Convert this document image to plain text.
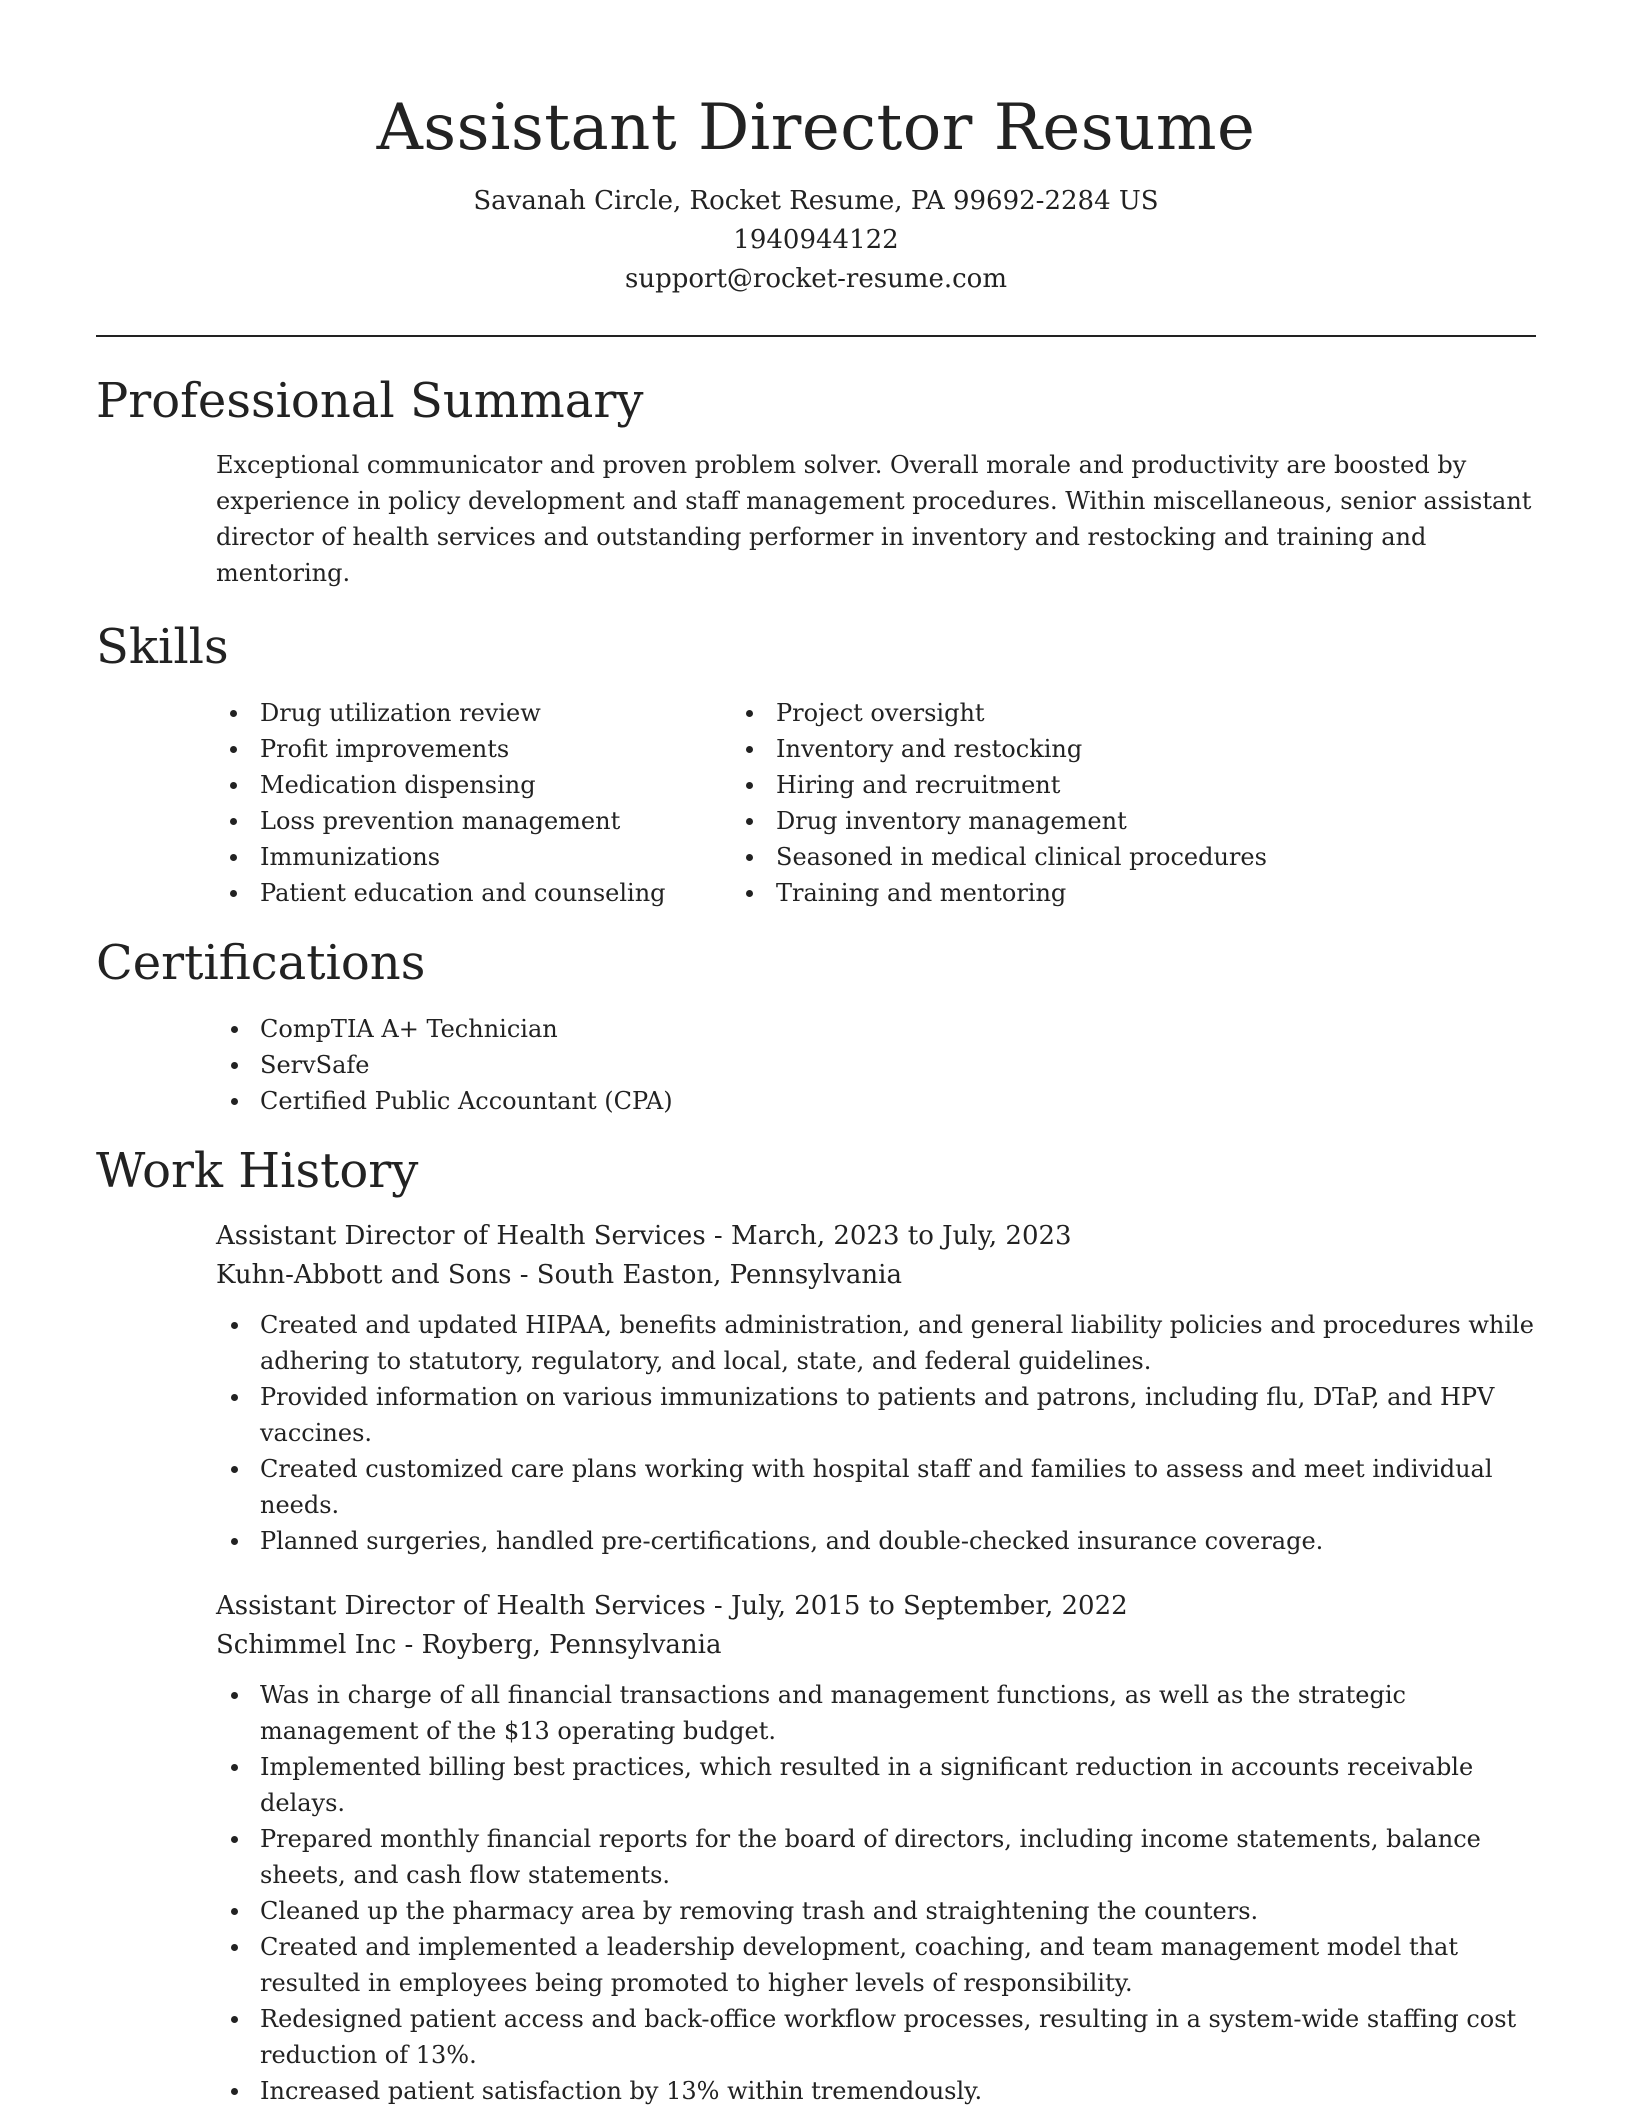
Assistant Director Resume

Savanah Circle, Rocket Resume, PA 99692-2284 US

1940944122

support@rocket-resume.com

Professional Summary

Exceptional communicator and proven problem solver. Overall morale and productivity are boosted by experience in policy development and staff management procedures. Within miscellaneous, senior assistant director of health services and outstanding performer in inventory and restocking and training and mentoring.

Skills
Drug utilization review
Profit improvements
Medication dispensing
Loss prevention management
Immunizations
Patient education and counseling
Project oversight
Inventory and restocking
Hiring and recruitment
Drug inventory management
Seasoned in medical clinical procedures
Training and mentoring
Certifications
CompTIA A+ Technician
ServSafe
Certified Public Accountant (CPA)
Work History

Assistant Director of Health Services - March, 2023 to July, 2023

Kuhn-Abbott and Sons - South Easton, Pennsylvania

Created and updated HIPAA, benefits administration, and general liability policies and procedures while adhering to statutory, regulatory, and local, state, and federal guidelines.
Provided information on various immunizations to patients and patrons, including flu, DTaP, and HPV vaccines.
Created customized care plans working with hospital staff and families to assess and meet individual needs.
Planned surgeries, handled pre-certifications, and double-checked insurance coverage.

Assistant Director of Health Services - July, 2015 to September, 2022

Schimmel Inc - Royberg, Pennsylvania

Was in charge of all financial transactions and management functions, as well as the strategic management of the $13 operating budget.
Implemented billing best practices, which resulted in a significant reduction in accounts receivable delays.
Prepared monthly financial reports for the board of directors, including income statements, balance sheets, and cash flow statements.
Cleaned up the pharmacy area by removing trash and straightening the counters.
Created and implemented a leadership development, coaching, and team management model that resulted in employees being promoted to higher levels of responsibility.
Redesigned patient access and back-office workflow processes, resulting in a system-wide staffing cost reduction of 13%.
Increased patient satisfaction by 13% within tremendously.
